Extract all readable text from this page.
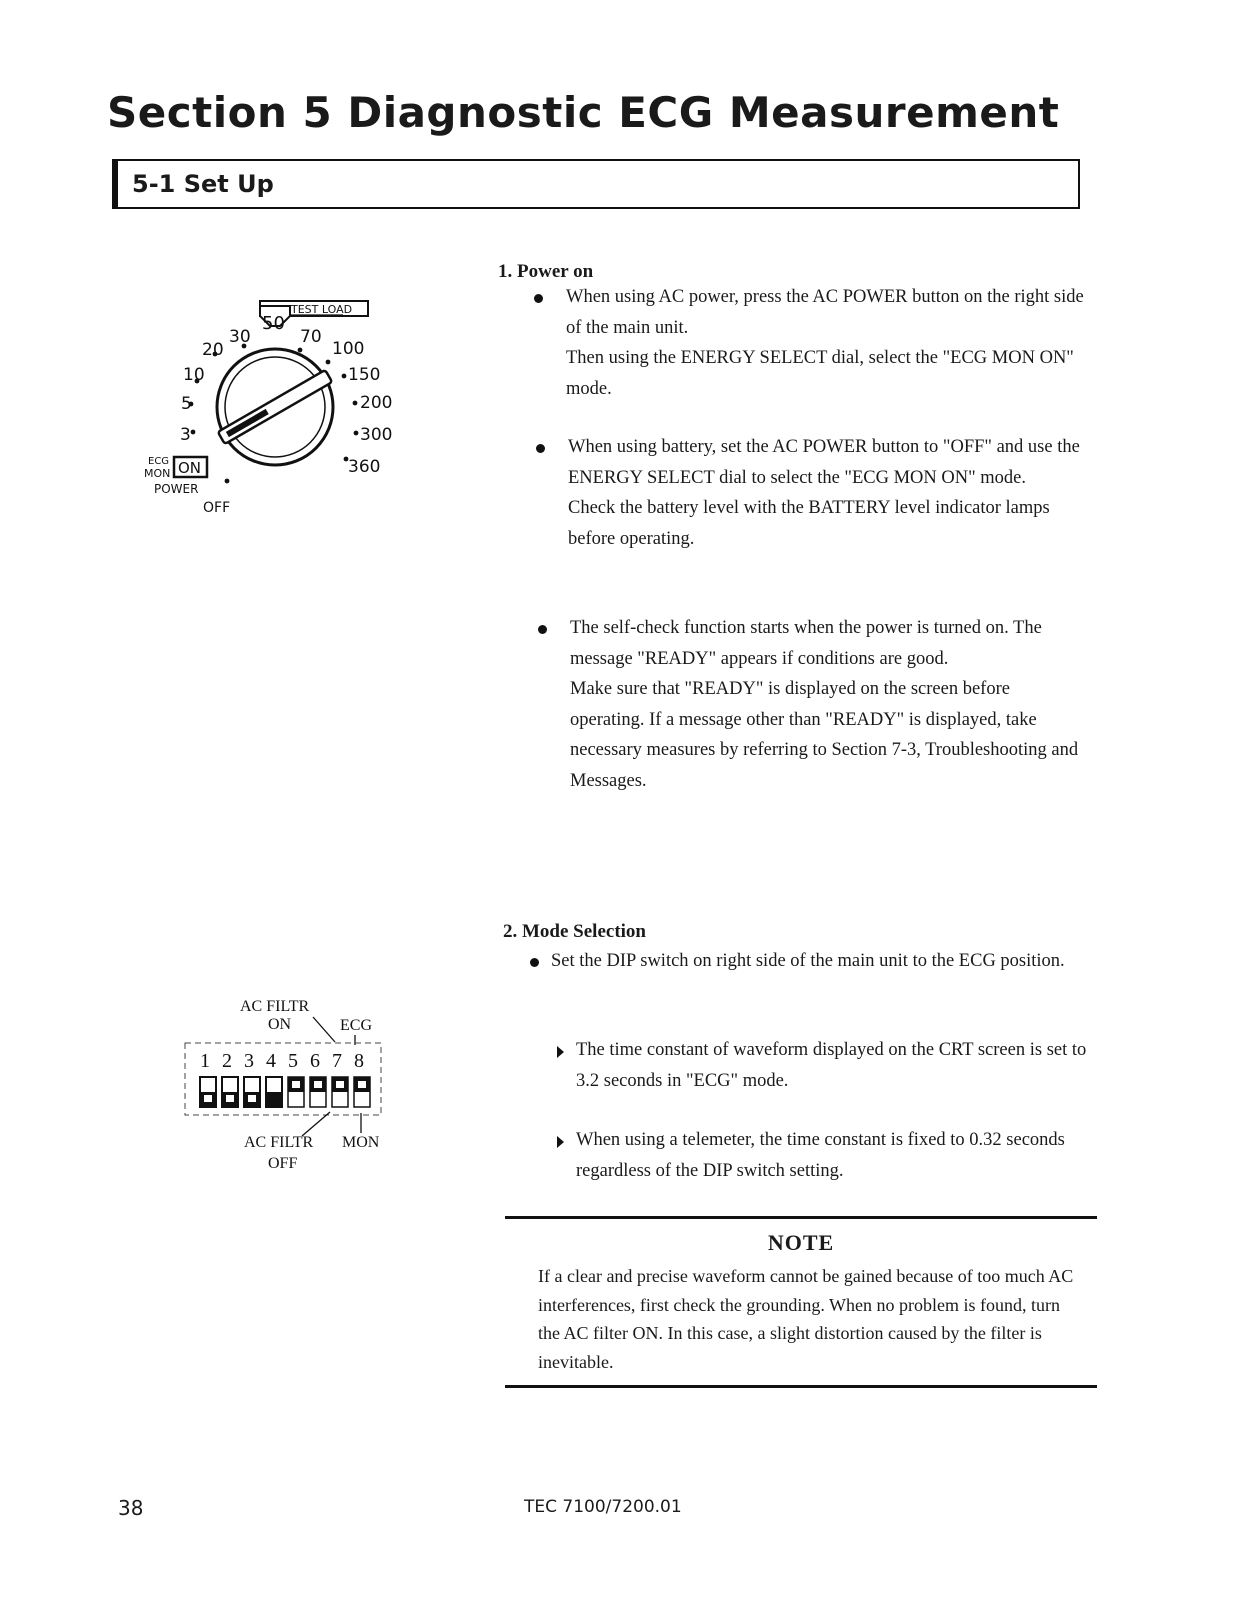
Section 5 Diagnostic ECG Measurement
5-1 Set Up
TEST LOAD
50
30
20
10
5
3
70
100
150
200
300
360
ECG
MON ON
POWER
OFF
AC FILTR
ON	ECG
1 2 3 4 5 6 7 8
AC FILTR MON
OFF
1. Power on

When using AC power, press the AC POWER button on the right side of the main unit.

Then using the ENERGY SELECT dial, select the "ECG MON ON" mode.

When using battery, set the AC POWER button to "OFF" and use the ENERGY SELECT dial to select the "ECG MON ON" mode.

Check the battery level with the BATTERY level indicator lamps before operating.

The self-check function starts when the power is turned on. The message "READY" appears if conditions are good.

Make sure that "READY" is displayed on the screen before operating. If a message other than "READY" is displayed, take necessary measures by referring to Section 7-3, Troubleshooting and Messages.

2. Mode Selection

Set the DIP switch on right side of the main unit to the ECG position.

The time constant of waveform displayed on the CRT screen is set to 3.2 seconds in "ECG" mode.

When using a telemeter, the time constant is fixed to 0.32 seconds regardless of the DIP switch setting.

NOTE
If a clear and precise waveform cannot be gained because of too much AC interferences, first check the grounding. When no problem is found, turn the AC filter ON. In this case, a slight distortion caused by the filter is inevitable.
38	TEC 7100/7200.01
